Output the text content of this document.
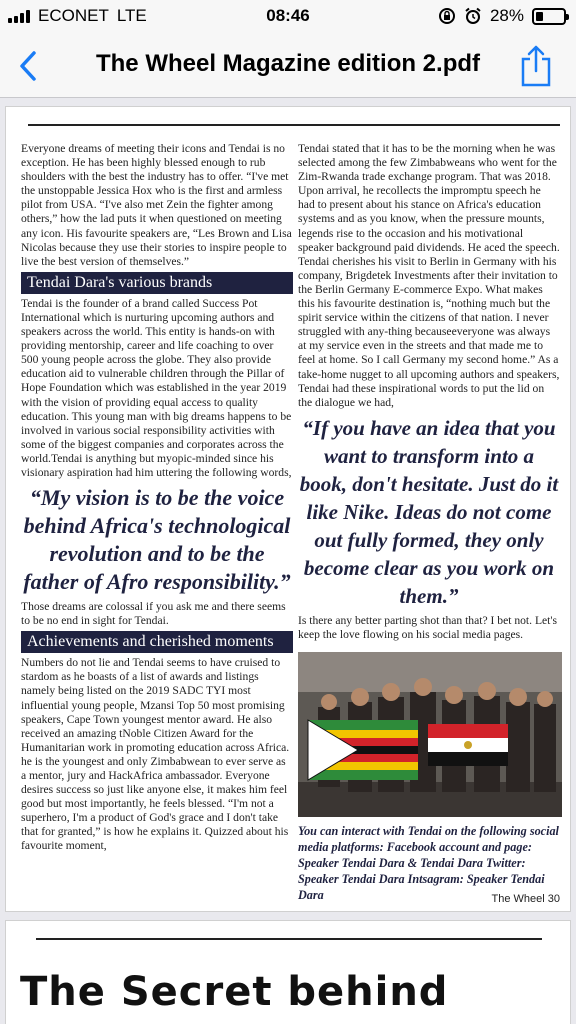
ECONET LTE	08:46	28%
The Wheel Magazine edition 2.pdf

Everyone dreams of meeting their icons and Tendai is no exception. He has been highly blessed enough to rub shoulders with the best the industry has to offer. “I've met the unstoppable Jessica Hox who is the first and armless pilot from USA. “I've also met Zein the fighter among others,” how the lad puts it when questioned on meeting any icon. His favourite speakers are, “Les Brown and Lisa Nicolas because they use their stories to inspire people to live the best version of themselves.”

Tendai Dara's various brands

Tendai is the founder of a brand called Success Pot International which is nurturing upcoming authors and speakers across the world. This entity is hands-on with providing mentorship, career and life coaching to over 500 young people across the globe. They also provide education aid to vulnerable children through the Pillar of Hope Foundation which was established in the year 2019 with the vision of providing equal access to quality education. This young man with big dreams happens to be involved in various social responsibility activities with some of the biggest companies and corporates across the world.Tendai is anything but myopic-minded since his visionary aspiration had him uttering the following words,

“My vision is to be the voice behind Africa's technological revolution and to be the father of Afro responsibility.”

Those dreams are colossal if you ask me and there seems to be no end in sight for Tendai.

Achievements and cherished moments

Numbers do not lie and Tendai seems to have cruised to stardom as he boasts of a list of awards and listings namely being listed on the 2019 SADC TYI most influential young people, Mzansi Top 50 most promising speakers, Cape Town youngest mentor award. He also received an amazing tNoble Citizen Award for the Humanitarian work in promoting education across Africa. he is the youngest and only Zimbabwean to ever serve as a mentor, jury and HackAfrica ambassador. Everyone desires success so just like anyone else, it makes him feel good but most importantly, he feels blessed. “I'm not a superhero, I'm a product of God's grace and I don't take that for granted,” is how he explains it. Quizzed about his favourite moment,

Tendai stated that it has to be the morning when he was selected among the few Zimbabweans who went for the Zim-Rwanda trade exchange program. That was 2018. Upon arrival, he recollects the impromptu speech he had to present about his stance on Africa's education systems and as you know, when the pressure mounts, legends rise to the occasion and his motivational speaker background paid dividends. He aced the speech. Tendai cherishes his visit to Berlin in Germany with his company, Brigdetek Investments after their invitation to the Berlin Germany E-commerce Expo. What makes this his favourite destination is, “nothing much but the spirit service within the citizens of that nation. I never struggled with any-thing becauseeveryone was always at my service even in the streets and that made me to feel at home. So I call Germany my second home.” As a take-home nugget to all upcoming authors and speakers, Tendai had these inspirational words to put the lid on the dialogue we had,

“If you have an idea that you want to transform into a book, don't hesitate. Just do it like Nike. Ideas do not come out fully formed, they only become clear as you work on them.”

Is there any better parting shot than that? I bet not. Let's keep the love flowing on his social media pages.

You can interact with Tendai on the following social media platforms: Facebook account and page: Speaker Tendai Dara & Tendai Dara Twitter: Speaker Tendai Dara Intsagram: Speaker Tendai Dara	The Wheel 30
The Secret behind
